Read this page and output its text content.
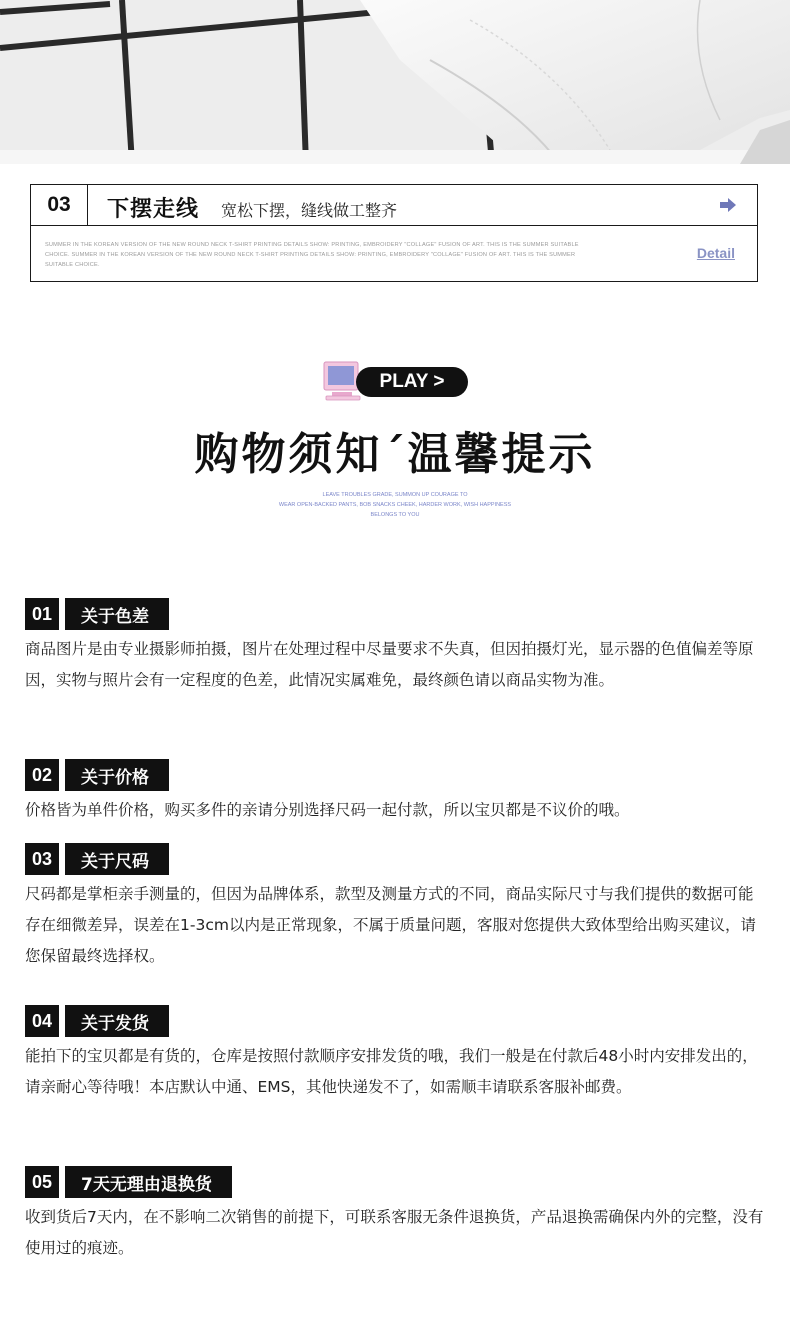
03	下摆走线 宽松下摆，缝线做工整齐
SUMMER IN THE KOREAN VERSION OF THE NEW ROUND NECK T-SHIRT PRINTING DETAILS SHOW: PRINTING, EMBROIDERY "COLLAGE" FUSION OF ART. THIS IS THE SUMMER SUITABLE CHOICE. SUMMER IN THE KOREAN VERSION OF THE NEW ROUND NECK T-SHIRT PRINTING DETAILS SHOW: PRINTING, EMBROIDERY "COLLAGE" FUSION OF ART. THIS IS THE SUMMER SUITABLE CHOICE.
Detail
PLAY >
购物须知ˊ温馨提示
LEAVE TROUBLES GRADE, SUMMON UP COURAGE TO
WEAR OPEN-BACKED PANTS, BOB SNACKS CHEEK, HARDER WORK, WISH HAPPINESS
BELONGS TO YOU
01	关于色差

商品图片是由专业摄影师拍摄，图片在处理过程中尽量要求不失真，但因拍摄灯光，显示器的色值偏差等原因，实物与照片会有一定程度的色差，此情况实属难免，最终颜色请以商品实物为准。

02	关于价格

价格皆为单件价格，购买多件的亲请分别选择尺码一起付款，所以宝贝都是不议价的哦。

03	关于尺码

尺码都是掌柜亲手测量的，但因为品牌体系，款型及测量方式的不同，商品实际尺寸与我们提供的数据可能存在细微差异，误差在1-3cm以内是正常现象，不属于质量问题，客服对您提供大致体型给出购买建议，请您保留最终选择权。

04	关于发货

能拍下的宝贝都是有货的，仓库是按照付款顺序安排发货的哦，我们一般是在付款后48小时内安排发出的，请亲耐心等待哦！本店默认中通、EMS，其他快递发不了，如需顺丰请联系客服补邮费。

05	7天无理由退换货

收到货后7天内，在不影响二次销售的前提下，可联系客服无条件退换货，产品退换需确保内外的完整，没有使用过的痕迹。
